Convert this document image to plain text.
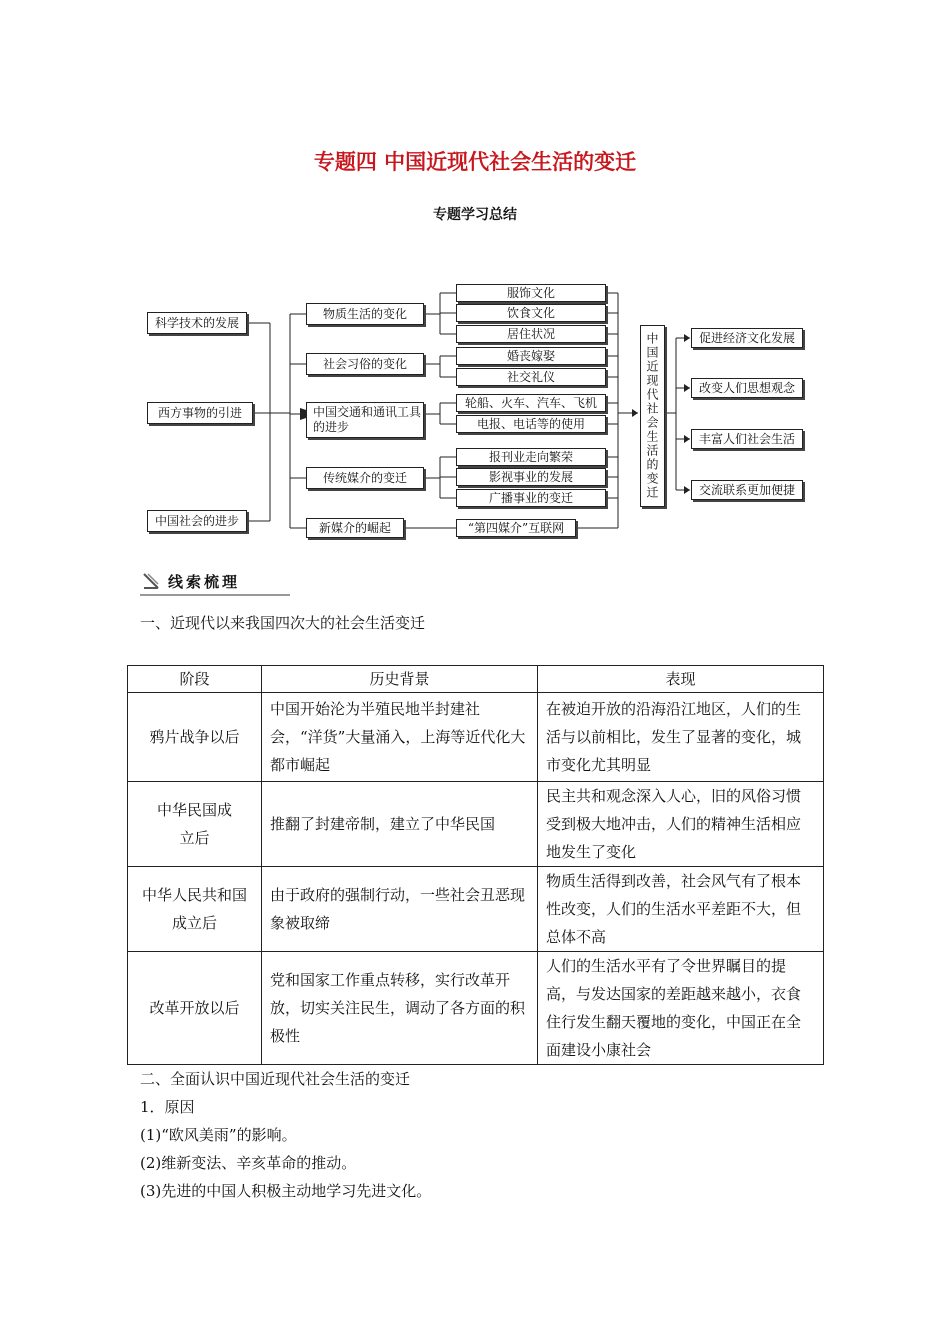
专题四 中国近现代社会生活的变迁
专题学习总结
科学技术的发展
西方事物的引进
中国社会的进步
物质生活的变化
社会习俗的变化
中国交通和通讯工具的进步
传统媒介的变迁
新媒介的崛起
服饰文化
饮食文化
居住状况
婚丧嫁娶
社交礼仪
轮船、火车、汽车、飞机
电报、电话等的使用
报刊业走向繁荣
影视事业的发展
广播事业的变迁
“第四媒介”互联网
中国近现代社会生活的变迁	促进经济文化发展
改变人们思想观念
丰富人们社会生活
交流联系更加便捷
线索梳理
一、近现代以来我国四次大的社会生活变迁
阶段	历史背景	表现
鸦片战争以后	中国开始沦为半殖民地半封建社会，“洋货”大量涌入，上海等近代化大都市崛起	在被迫开放的沿海沿江地区，人们的生活与以前相比，发生了显著的变化，城市变化尤其明显
中华民国成立后	推翻了封建帝制，建立了中华民国	民主共和观念深入人心，旧的风俗习惯受到极大地冲击，人们的精神生活相应地发生了变化
中华人民共和国成立后	由于政府的强制行动，一些社会丑恶现象被取缔	物质生活得到改善，社会风气有了根本性改变，人们的生活水平差距不大，但总体不高
改革开放以后	党和国家工作重点转移，实行改革开放，切实关注民生，调动了各方面的积极性	人们的生活水平有了令世界瞩目的提高，与发达国家的差距越来越小，衣食住行发生翻天覆地的变化，中国正在全面建设小康社会
二、全面认识中国近现代社会生活的变迁
1．原因
(1)“欧风美雨”的影响。
(2)维新变法、辛亥革命的推动。
(3)先进的中国人积极主动地学习先进文化。
